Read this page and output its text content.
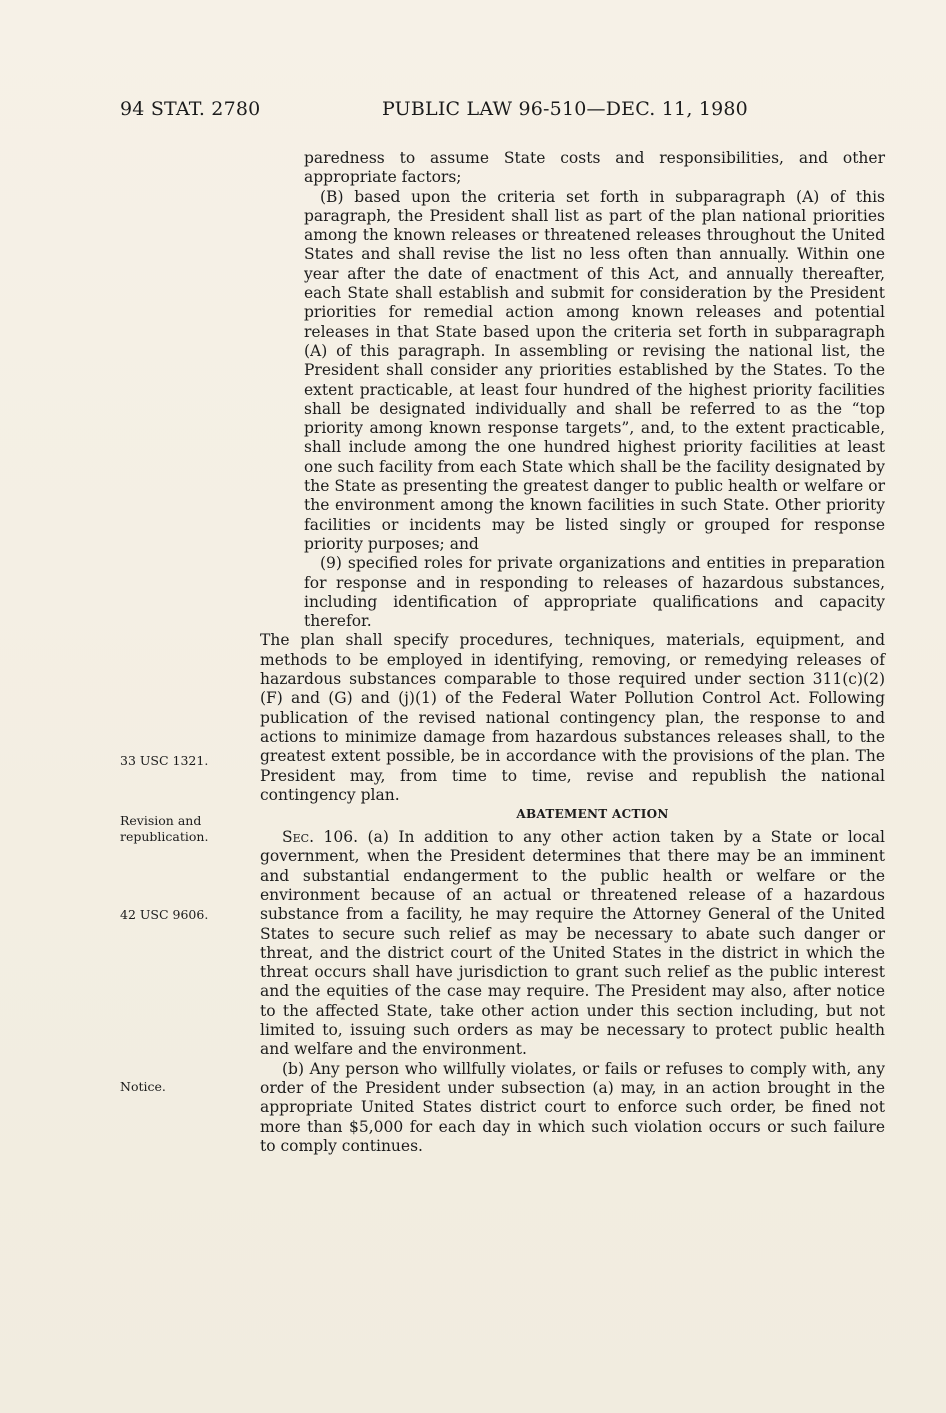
94 STAT. 2780	PUBLIC LAW 96-510—DEC. 11, 1980

paredness to assume State costs and responsibilities, and other appropriate factors;

(B) based upon the criteria set forth in subparagraph (A) of this paragraph, the President shall list as part of the plan national priorities among the known releases or threatened releases throughout the United States and shall revise the list no less often than annually. Within one year after the date of enactment of this Act, and annually thereafter, each State shall establish and submit for consideration by the President priorities for remedial action among known releases and potential releases in that State based upon the criteria set forth in subparagraph (A) of this paragraph. In assembling or revising the national list, the President shall consider any priorities established by the States. To the extent practicable, at least four hundred of the highest priority facilities shall be designated individually and shall be referred to as the “top priority among known response targets”, and, to the extent practicable, shall include among the one hundred highest priority facilities at least one such facility from each State which shall be the facility designated by the State as presenting the greatest danger to public health or welfare or the environment among the known facilities in such State. Other priority facilities or incidents may be listed singly or grouped for response priority purposes; and

(9) specified roles for private organizations and entities in preparation for response and in responding to releases of hazardous substances, including identification of appropriate qualifications and capacity therefor.

The plan shall specify procedures, techniques, materials, equipment, and methods to be employed in identifying, removing, or remedying releases of hazardous substances comparable to those required under section 311(c)(2) (F) and (G) and (j)(1) of the Federal Water Pollution Control Act. Following publication of the revised national contingency plan, the response to and actions to minimize damage from hazardous substances releases shall, to the greatest extent possible, be in accordance with the provisions of the plan. The President may, from time to time, revise and republish the national contingency plan.

ABATEMENT ACTION

Sec. 106. (a) In addition to any other action taken by a State or local government, when the President determines that there may be an imminent and substantial endangerment to the public health or welfare or the environment because of an actual or threatened release of a hazardous substance from a facility, he may require the Attorney General of the United States to secure such relief as may be necessary to abate such danger or threat, and the district court of the United States in the district in which the threat occurs shall have jurisdiction to grant such relief as the public interest and the equities of the case may require. The President may also, after notice to the affected State, take other action under this section including, but not limited to, issuing such orders as may be necessary to protect public health and welfare and the environment.

(b) Any person who willfully violates, or fails or refuses to comply with, any order of the President under subsection (a) may, in an action brought in the appropriate United States district court to enforce such order, be fined not more than $5,000 for each day in which such violation occurs or such failure to comply continues.

33 USC 1321.
Revision and republication.
42 USC 9606.
Notice.
